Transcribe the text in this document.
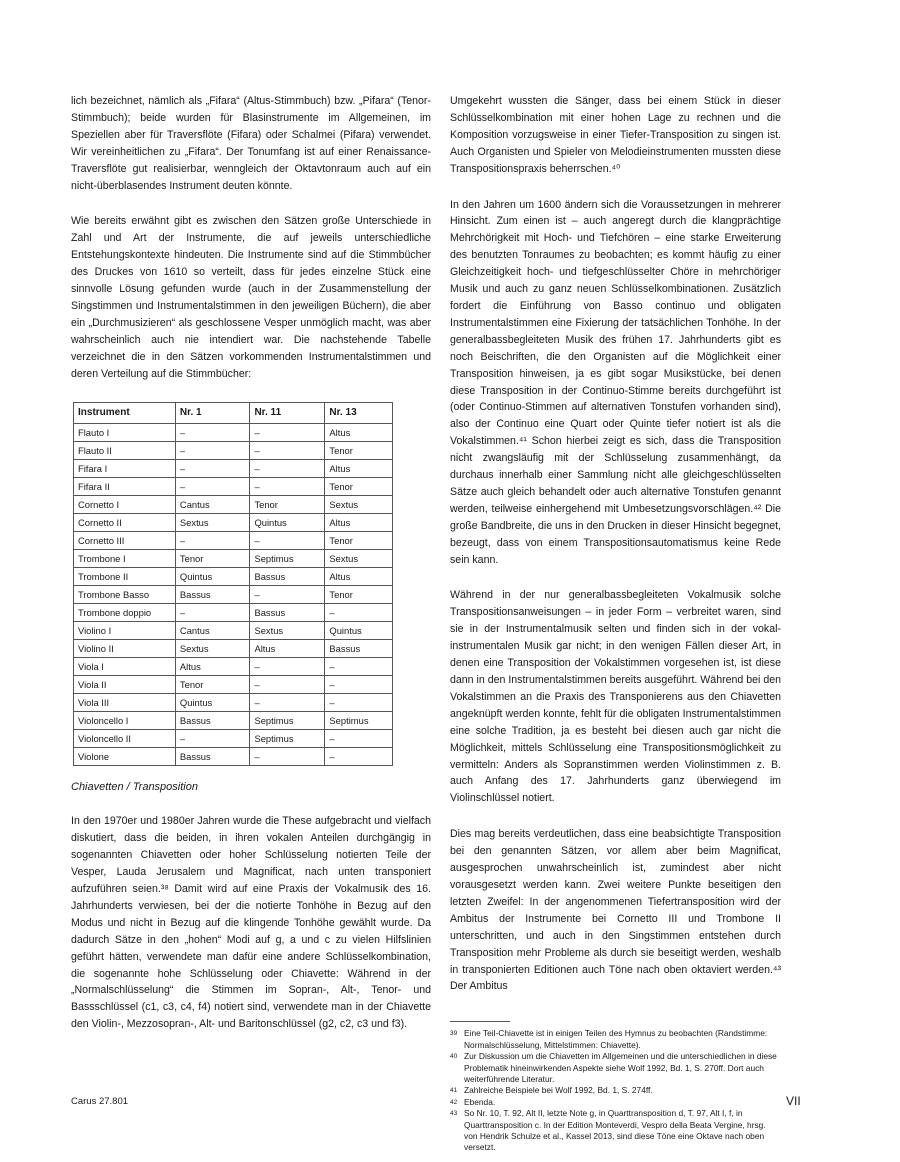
lich bezeichnet, nämlich als „Fifara“ (Altus-Stimmbuch) bzw. „Pifara“ (Tenor-Stimmbuch); beide wurden für Blasinstrumente im Allgemeinen, im Speziellen aber für Traversflöte (Fifara) oder Schalmei (Pifara) verwendet. Wir vereinheitlichen zu „Fifara“. Der Tonumfang ist auf einer Renaissance-Traversflöte gut realisierbar, wenngleich der Oktavtonraum auch auf ein nicht-überblasendes Instrument deuten könnte.

Wie bereits erwähnt gibt es zwischen den Sätzen große Unterschiede in Zahl und Art der Instrumente, die auf jeweils unterschiedliche Entstehungskontexte hindeuten. Die Instrumente sind auf die Stimmbücher des Druckes von 1610 so verteilt, dass für jedes einzelne Stück eine sinnvolle Lösung gefunden wurde (auch in der Zusammenstellung der Singstimmen und Instrumentalstimmen in den jeweiligen Büchern), die aber ein „Durchmusizieren“ als geschlossene Vesper unmöglich macht, was aber wahrscheinlich auch nie intendiert war. Die nachstehende Tabelle verzeichnet die in den Sätzen vorkommenden Instrumentalstimmen und deren Verteilung auf die Stimmbücher:

Instrument	Nr. 1	Nr. 11	Nr. 13
Flauto I	–	–	Altus
Flauto II	–	–	Tenor
Fifara I	–	–	Altus
Fifara II	–	–	Tenor
Cornetto I	Cantus	Tenor	Sextus
Cornetto II	Sextus	Quintus	Altus
Cornetto III	–	–	Tenor
Trombone I	Tenor	Septimus	Sextus
Trombone II	Quintus	Bassus	Altus
Trombone Basso	Bassus	–	Tenor
Trombone doppio	–	Bassus	–
Violino I	Cantus	Sextus	Quintus
Violino II	Sextus	Altus	Bassus
Viola I	Altus	–	–
Viola II	Tenor	–	–
Viola III	Quintus	–	–
Violoncello I	Bassus	Septimus	Septimus
Violoncello II	–	Septimus	–
Violone	Bassus	–	–

Chiavetten / Transposition

In den 1970er und 1980er Jahren wurde die These aufgebracht und vielfach diskutiert, dass die beiden, in ihren vokalen Anteilen durchgängig in sogenannten Chiavetten oder hoher Schlüsselung notierten Teile der Vesper, Lauda Jerusalem und Magnificat, nach unten transponiert aufzuführen seien.³⁸ Damit wird auf eine Praxis der Vokalmusik des 16. Jahrhunderts verwiesen, bei der die notierte Tonhöhe in Bezug auf den Modus und nicht in Bezug auf die klingende Tonhöhe gewählt wurde. Da dadurch Sätze in den „hohen“ Modi auf g, a und c zu vielen Hilfslinien geführt hätten, verwendete man dafür eine andere Schlüsselkombination, die sogenannte hohe Schlüsselung oder Chiavette: Während in der „Normalschlüsselung“ die Stimmen im Sopran-, Alt-, Tenor- und Bassschlüssel (c1, c3, c4, f4) notiert sind, verwendete man in der Chiavette den Violin-, Mezzosopran-, Alt- und Baritonschlüssel (g2, c2, c3 und f3).

Umgekehrt wussten die Sänger, dass bei einem Stück in dieser Schlüsselkombination mit einer hohen Lage zu rechnen und die Komposition vorzugsweise in einer Tiefer-Transposition zu singen ist. Auch Organisten und Spieler von Melodieinstrumenten mussten diese Transpositionspraxis beherrschen.⁴⁰

In den Jahren um 1600 ändern sich die Voraussetzungen in mehrerer Hinsicht. Zum einen ist – auch angeregt durch die klangprächtige Mehrchörigkeit mit Hoch- und Tiefchören – eine starke Erweiterung des benutzten Tonraumes zu beobachten; es kommt häufig zu einer Gleichzeitigkeit hoch- und tiefgeschlüsselter Chöre in mehrchöriger Musik und auch zu ganz neuen Schlüsselkombinationen. Zusätzlich fordert die Einführung von Basso continuo und obligaten Instrumentalstimmen eine Fixierung der tatsächlichen Tonhöhe. In der generalbassbegleiteten Musik des frühen 17. Jahrhunderts gibt es noch Beischriften, die den Organisten auf die Möglichkeit einer Transposition hinweisen, ja es gibt sogar Musikstücke, bei denen diese Transposition in der Continuo-Stimme bereits durchgeführt ist (oder Continuo-Stimmen auf alternativen Tonstufen vorhanden sind), also der Continuo eine Quart oder Quinte tiefer notiert ist als die Vokalstimmen.⁴¹ Schon hierbei zeigt es sich, dass die Transposition nicht zwangsläufig mit der Schlüsselung zusammenhängt, da durchaus innerhalb einer Sammlung nicht alle gleichgeschlüsselten Sätze auch gleich behandelt oder auch alternative Tonstufen genannt werden, teilweise einhergehend mit Umbesetzungsvorschlägen.⁴² Die große Bandbreite, die uns in den Drucken in dieser Hinsicht begegnet, bezeugt, dass von einem Transpositionsautomatismus keine Rede sein kann.

Während in der nur generalbassbegleiteten Vokalmusik solche Transpositionsanweisungen – in jeder Form – verbreitet waren, sind sie in der Instrumentalmusik selten und finden sich in der vokal-instrumentalen Musik gar nicht; in den wenigen Fällen dieser Art, in denen eine Transposition der Vokalstimmen vorgesehen ist, ist diese dann in den Instrumentalstimmen bereits ausgeführt. Während bei den Vokalstimmen an die Praxis des Transponierens aus den Chiavetten angeknüpft werden konnte, fehlt für die obligaten Instrumentalstimmen eine solche Tradition, ja es besteht bei diesen auch gar nicht die Möglichkeit, mittels Schlüsselung eine Transpositionsmöglichkeit zu vermitteln: Anders als Sopranstimmen werden Violinstimmen z. B. auch Anfang des 17. Jahrhunderts ganz überwiegend im Violinschlüssel notiert.

Dies mag bereits verdeutlichen, dass eine beabsichtigte Transposition bei den genannten Sätzen, vor allem aber beim Magnificat, ausgesprochen unwahrscheinlich ist, zumindest aber nicht vorausgesetzt werden kann. Zwei weitere Punkte beseitigen den letzten Zweifel: In der angenommenen Tiefertransposition wird der Ambitus der Instrumente bei Cornetto III und Trombone II unterschritten, und auch in den Singstimmen entstehen durch Transposition mehr Probleme als durch sie beseitigt werden, weshalb in transponierten Editionen auch Töne nach oben oktaviert werden.⁴³ Der Ambitus

39 Eine Teil-Chiavette ist in einigen Teilen des Hymnus zu beobachten (Randstimme: Normalschlüsselung, Mittelstimmen: Chiavette).
40 Zur Diskussion um die Chiavetten im Allgemeinen und die unterschiedlichen in diese Problematik hineinwirkenden Aspekte siehe Wolf 1992, Bd. 1, S. 270ff. Dort auch weiterführende Literatur.
41 Zahlreiche Beispiele bei Wolf 1992, Bd. 1, S. 274ff.
42 Ebenda.
43 So Nr. 10, T. 92, Alt II, letzte Note g, in Quarttransposition d, T. 97, Alt I, f, in Quarttransposition c. In der Edition Monteverdi, Vespro della Beata Vergine, hrsg. von Hendrik Schulze et al., Kassel 2013, sind diese Töne eine Oktave nach oben versetzt.
Carus 27.801	VII
